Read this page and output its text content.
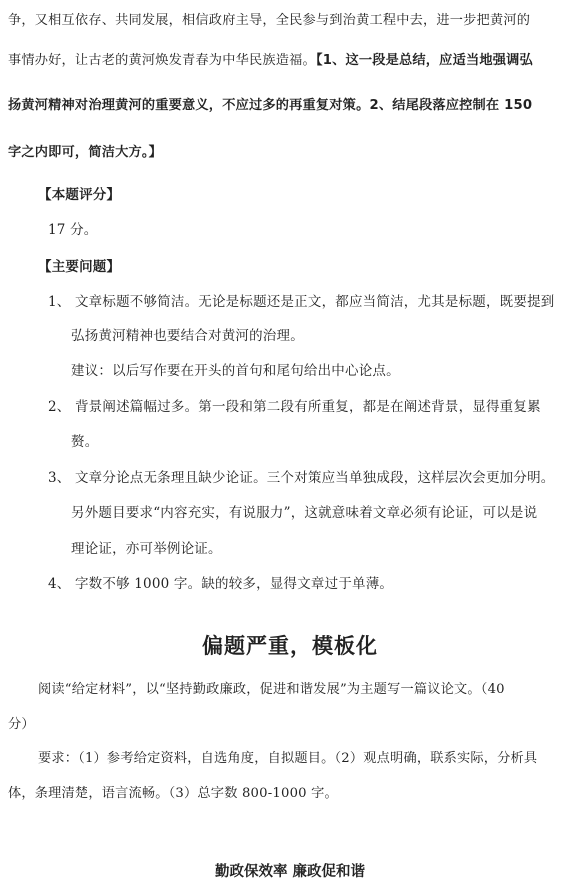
争，又相互依存、共同发展，相信政府主导，全民参与到治黄工程中去，进一步把黄河的
事情办好，让古老的黄河焕发青春为中华民族造福。【1、这一段是总结，应适当地强调弘
扬黄河精神对治理黄河的重要意义，不应过多的再重复对策。2、结尾段落应控制在 150
字之内即可，简洁大方。】
【本题评分】
17 分。
【主要问题】
1、 文章标题不够简洁。无论是标题还是正文，都应当简洁，尤其是标题，既要提到
弘扬黄河精神也要结合对黄河的治理。
建议：以后写作要在开头的首句和尾句给出中心论点。
2、 背景阐述篇幅过多。第一段和第二段有所重复，都是在阐述背景，显得重复累
赘。
3、 文章分论点无条理且缺少论证。三个对策应当单独成段，这样层次会更加分明。
另外题目要求“内容充实，有说服力”，这就意味着文章必须有论证，可以是说
理论证，亦可举例论证。
4、 字数不够 1000 字。缺的较多，显得文章过于单薄。
偏题严重，模板化
阅读“给定材料”，以“坚持勤政廉政，促进和谐发展”为主题写一篇议论文。（40
分）
要求：（1）参考给定资料，自选角度，自拟题目。（2）观点明确，联系实际，分析具
体，条理清楚，语言流畅。（3）总字数 800-1000 字。
勤政保效率 廉政促和谐
